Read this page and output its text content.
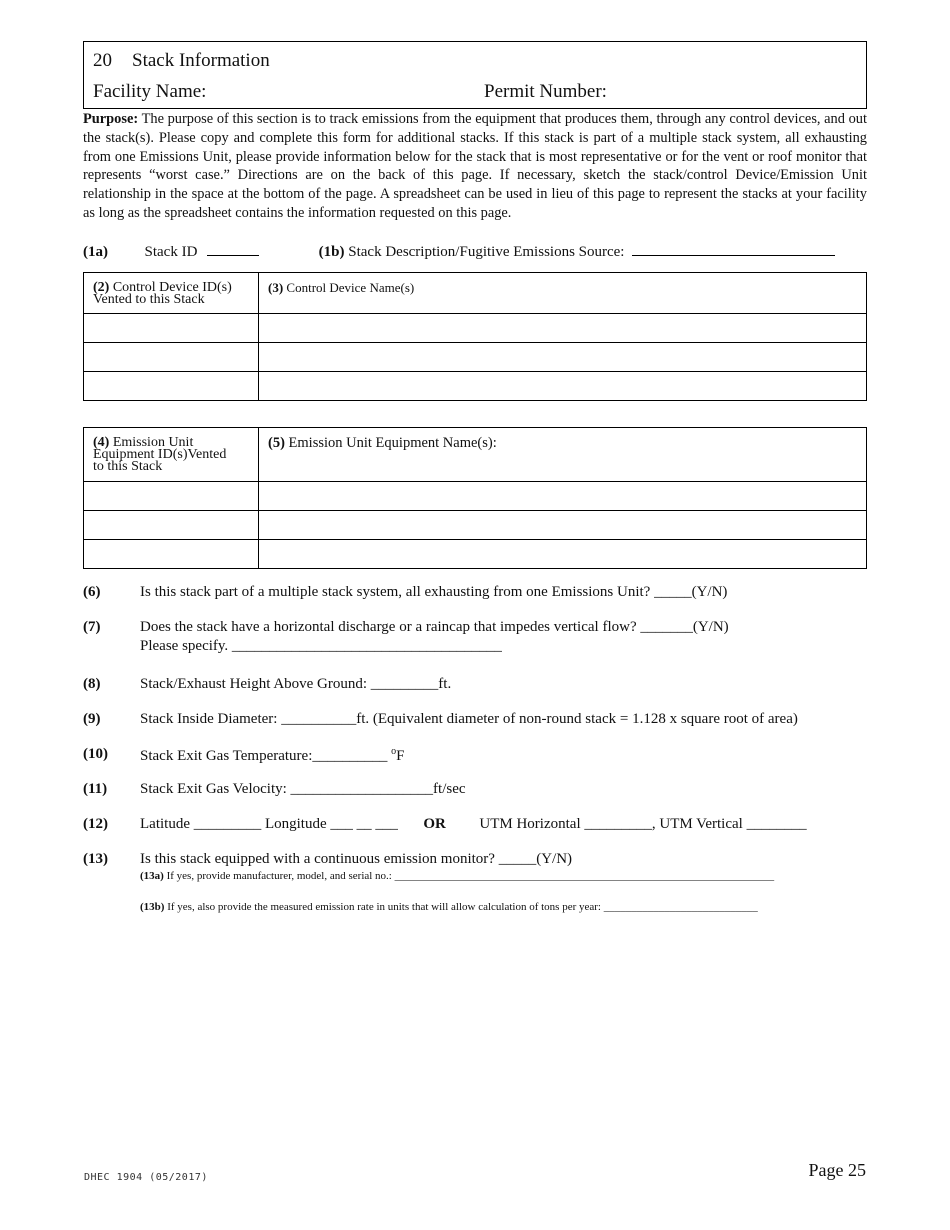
20 Stack Information
Facility Name:	Permit Number:
Purpose: The purpose of this section is to track emissions from the equipment that produces them, through any control devices, and out the stack(s). Please copy and complete this form for additional stacks. If this stack is part of a multiple stack system, all exhausting from one Emissions Unit, please provide information below for the stack that is most representative or for the vent or roof monitor that represents “worst case.” Directions are on the back of this page. If necessary, sketch the stack/control Device/Emission Unit relationship in the space at the bottom of the page. A spreadsheet can be used in lieu of this page to represent the stacks at your facility as long as the spreadsheet contains the information requested on this page.
(1a) Stack ID	(1b) Stack Description/Fugitive Emissions Source:
(2) Control Device ID(s)
Vented to this Stack	(3) Control Device Name(s)

(4) Emission Unit
Equipment ID(s)Vented
to this Stack	(5) Emission Unit Equipment Name(s):

(6)	Is this stack part of a multiple stack system, all exhausting from one Emissions Unit? _____(Y/N)
(7)	Does the stack have a horizontal discharge or a raincap that impedes vertical flow? _______(Y/N)
Please specify. ____________________________________
(8)	Stack/Exhaust Height Above Ground: _________ft.
(9)	Stack Inside Diameter: __________ft. (Equivalent diameter of non-round stack = 1.128 x square root of area)
(10) Stack Exit Gas Temperature:__________ $^o$F
(11) Stack Exit Gas Velocity: ___________________ft/sec
(12) Latitude _________ Longitude ___ __ ___ OR UTM Horizontal _________, UTM Vertical ________
(13) Is this stack equipped with a continuous emission monitor? _____(Y/N)
(13a) If yes, provide manufacturer, model, and serial no.: _____________________________________________________________________
(13b) If yes, also provide the measured emission rate in units that will allow calculation of tons per year: ____________________________
DHEC 1904 (05/2017)	Page 25
